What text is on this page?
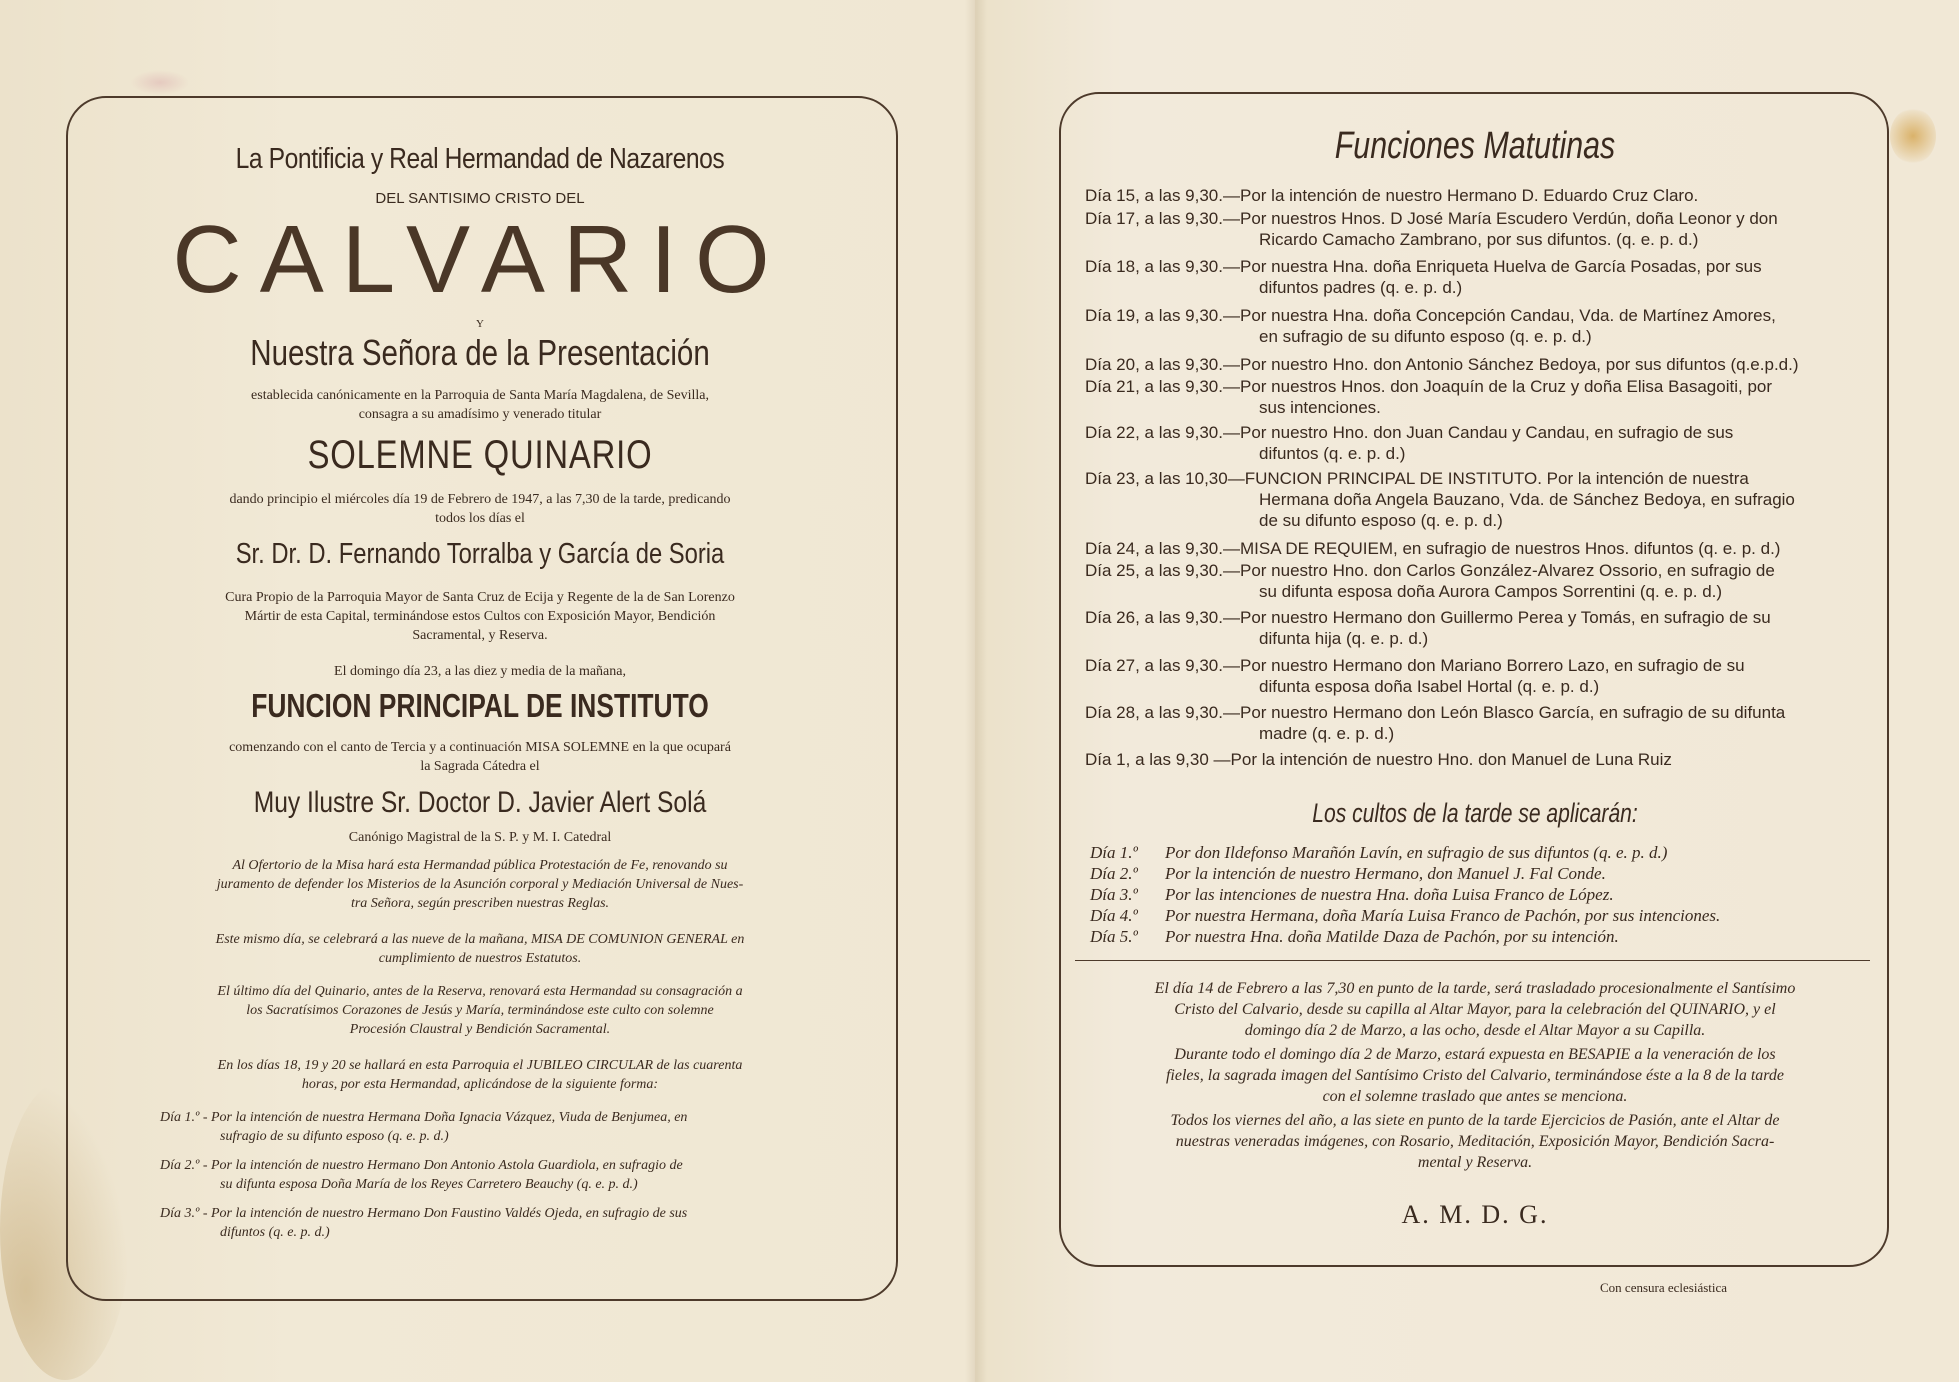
La Pontificia y Real Hermandad de Nazarenos
DEL SANTISIMO CRISTO DEL
CALVARIO
Y
Nuestra Señora de la Presentación
establecida canónicamente en la Parroquia de Santa María Magdalena, de Sevilla,
consagra a su amadísimo y venerado titular
SOLEMNE QUINARIO
dando principio el miércoles día 19 de Febrero de 1947, a las 7,30 de la tarde, predicando
todos los días el
Sr. Dr. D. Fernando Torralba y García de Soria
Cura Propio de la Parroquia Mayor de Santa Cruz de Ecija y Regente de la de San Lorenzo
Mártir de esta Capital, terminándose estos Cultos con Exposición Mayor, Bendición
Sacramental, y Reserva.
El domingo día 23, a las diez y media de la mañana,
FUNCION PRINCIPAL DE INSTITUTO
comenzando con el canto de Tercia y a continuación MISA SOLEMNE en la que ocupará
la Sagrada Cátedra el
Muy Ilustre Sr. Doctor D. Javier Alert Solá
Canónigo Magistral de la S. P. y M. I. Catedral
Al Ofertorio de la Misa hará esta Hermandad pública Protestación de Fe, renovando su
juramento de defender los Misterios de la Asunción corporal y Mediación Universal de Nues-
tra Señora, según prescriben nuestras Reglas.
Este mismo día, se celebrará a las nueve de la mañana, MISA DE COMUNION GENERAL en
cumplimiento de nuestros Estatutos.
El último día del Quinario, antes de la Reserva, renovará esta Hermandad su consagración a
los Sacratísimos Corazones de Jesús y María, terminándose este culto con solemne
Procesión Claustral y Bendición Sacramental.
En los días 18, 19 y 20 se hallará en esta Parroquia el JUBILEO CIRCULAR de las cuarenta
horas, por esta Hermandad, aplicándose de la siguiente forma:
Día 1.º - Por la intención de nuestra Hermana Doña Ignacia Vázquez, Viuda de Benjumea, en
sufragio de su difunto esposo (q. e. p. d.)
Día 2.º - Por la intención de nuestro Hermano Don Antonio Astola Guardiola, en sufragio de
su difunta esposa Doña María de los Reyes Carretero Beauchy (q. e. p. d.)
Día 3.º - Por la intención de nuestro Hermano Don Faustino Valdés Ojeda, en sufragio de sus
difuntos (q. e. p. d.)
Funciones Matutinas
Día 15, a las 9,30.—Por la intención de nuestro Hermano D. Eduardo Cruz Claro.
Día 17, a las 9,30.—Por nuestros Hnos. D José María Escudero Verdún, doña Leonor y don
Ricardo Camacho Zambrano, por sus difuntos. (q. e. p. d.)
Día 18, a las 9,30.—Por nuestra Hna. doña Enriqueta Huelva de García Posadas, por sus
difuntos padres (q. e. p. d.)
Día 19, a las 9,30.—Por nuestra Hna. doña Concepción Candau, Vda. de Martínez Amores,
en sufragio de su difunto esposo (q. e. p. d.)
Día 20, a las 9,30.—Por nuestro Hno. don Antonio Sánchez Bedoya, por sus difuntos (q.e.p.d.)
Día 21, a las 9,30.—Por nuestros Hnos. don Joaquín de la Cruz y doña Elisa Basagoiti, por
sus intenciones.
Día 22, a las 9,30.—Por nuestro Hno. don Juan Candau y Candau, en sufragio de sus
difuntos (q. e. p. d.)
Día 23, a las 10,30—FUNCION PRINCIPAL DE INSTITUTO. Por la intención de nuestra
Hermana doña Angela Bauzano, Vda. de Sánchez Bedoya, en sufragio
de su difunto esposo (q. e. p. d.)
Día 24, a las 9,30.—MISA DE REQUIEM, en sufragio de nuestros Hnos. difuntos (q. e. p. d.)
Día 25, a las 9,30.—Por nuestro Hno. don Carlos González-Alvarez Ossorio, en sufragio de
su difunta esposa doña Aurora Campos Sorrentini (q. e. p. d.)
Día 26, a las 9,30.—Por nuestro Hermano don Guillermo Perea y Tomás, en sufragio de su
difunta hija (q. e. p. d.)
Día 27, a las 9,30.—Por nuestro Hermano don Mariano Borrero Lazo, en sufragio de su
difunta esposa doña Isabel Hortal (q. e. p. d.)
Día 28, a las 9,30.—Por nuestro Hermano don León Blasco García, en sufragio de su difunta
madre (q. e. p. d.)
Día 1, a las 9,30 —Por la intención de nuestro Hno. don Manuel de Luna Ruiz
Los cultos de la tarde se aplicarán:
Día 1.º Por don Ildefonso Marañón Lavín, en sufragio de sus difuntos (q. e. p. d.)
Día 2.º Por la intención de nuestro Hermano, don Manuel J. Fal Conde.
Día 3.º Por las intenciones de nuestra Hna. doña Luisa Franco de López.
Día 4.º Por nuestra Hermana, doña María Luisa Franco de Pachón, por sus intenciones.
Día 5.º Por nuestra Hna. doña Matilde Daza de Pachón, por su intención.
El día 14 de Febrero a las 7,30 en punto de la tarde, será trasladado procesionalmente el Santísimo
Cristo del Calvario, desde su capilla al Altar Mayor, para la celebración del QUINARIO, y el
domingo día 2 de Marzo, a las ocho, desde el Altar Mayor a su Capilla.
Durante todo el domingo día 2 de Marzo, estará expuesta en BESAPIE a la veneración de los
fieles, la sagrada imagen del Santísimo Cristo del Calvario, terminándose éste a la 8 de la tarde
con el solemne traslado que antes se menciona.
Todos los viernes del año, a las siete en punto de la tarde Ejercicios de Pasión, ante el Altar de
nuestras veneradas imágenes, con Rosario, Meditación, Exposición Mayor, Bendición Sacra-
mental y Reserva.
A. M. D. G.
Con censura eclesiástica
